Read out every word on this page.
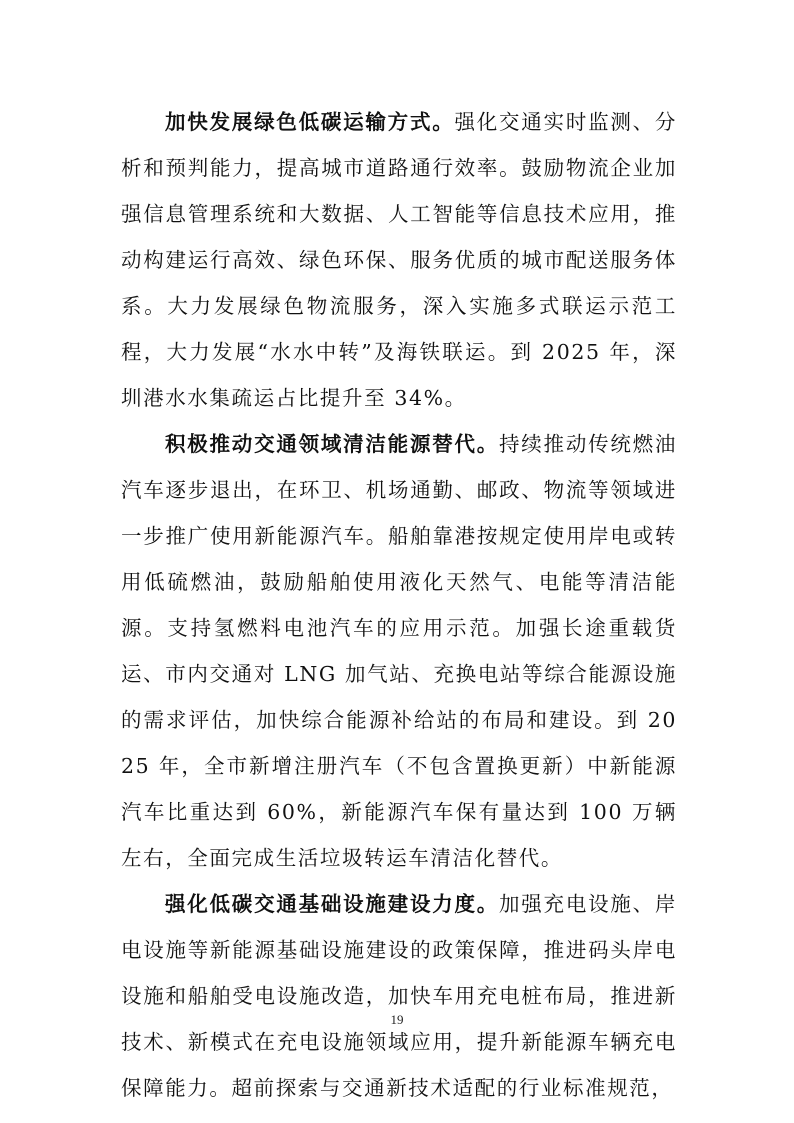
加快发展绿色低碳运输方式。强化交通实时监测、分析和预判能力，提高城市道路通行效率。鼓励物流企业加强信息管理系统和大数据、人工智能等信息技术应用，推动构建运行高效、绿色环保、服务优质的城市配送服务体系。大力发展绿色物流服务，深入实施多式联运示范工程，大力发展“水水中转”及海铁联运。到 2025 年，深圳港水水集疏运占比提升至 34%。

积极推动交通领域清洁能源替代。持续推动传统燃油汽车逐步退出，在环卫、机场通勤、邮政、物流等领域进一步推广使用新能源汽车。船舶靠港按规定使用岸电或转用低硫燃油，鼓励船舶使用液化天然气、电能等清洁能源。支持氢燃料电池汽车的应用示范。加强长途重载货运、市内交通对 LNG 加气站、充换电站等综合能源设施的需求评估，加快综合能源补给站的布局和建设。到 2025 年，全市新增注册汽车（不包含置换更新）中新能源汽车比重达到 60%，新能源汽车保有量达到 100 万辆左右，全面完成生活垃圾转运车清洁化替代。

强化低碳交通基础设施建设力度。加强充电设施、岸电设施等新能源基础设施建设的政策保障，推进码头岸电设施和船舶受电设施改造，加快车用充电桩布局，推进新技术、新模式在充电设施领域应用，提升新能源车辆充电保障能力。超前探索与交通新技术适配的行业标准规范，

19
